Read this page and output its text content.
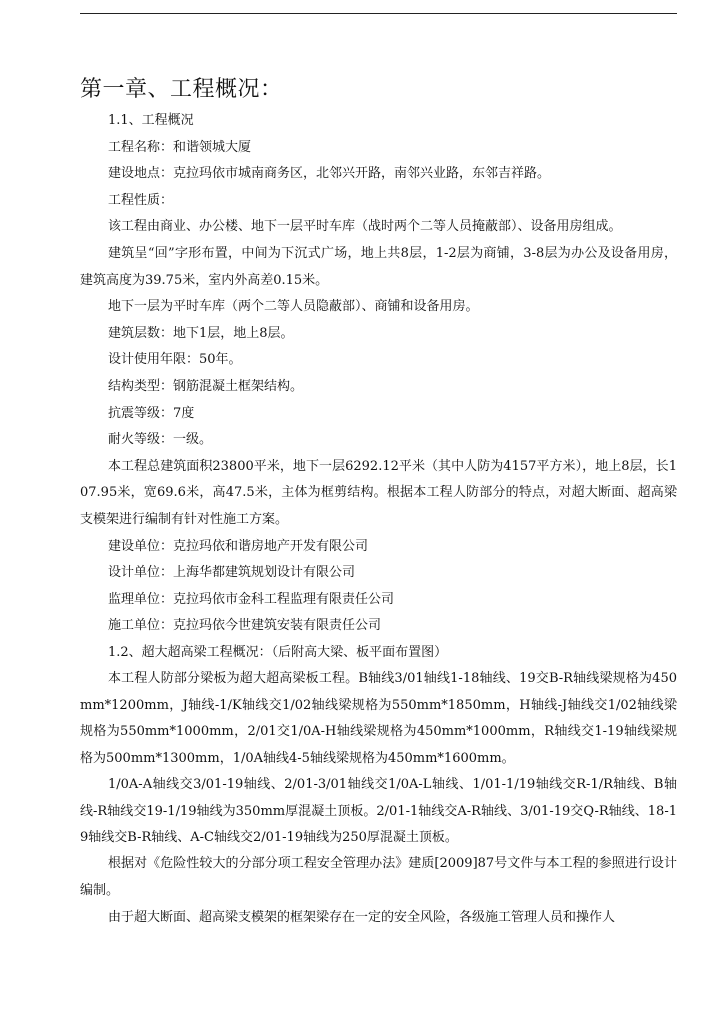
第一章、工程概况：

1.1、工程概况

工程名称：和谐领城大厦

建设地点：克拉玛依市城南商务区，北邻兴开路，南邻兴业路，东邻吉祥路。

工程性质：

该工程由商业、办公楼、地下一层平时车库（战时两个二等人员掩蔽部）、设备用房组成。

建筑呈“回”字形布置，中间为下沉式广场，地上共8层，1-2层为商铺，3-8层为办公及设备用房，建筑高度为39.75米，室内外高差0.15米。

地下一层为平时车库（两个二等人员隐蔽部）、商铺和设备用房。

建筑层数：地下1层，地上8层。

设计使用年限：50年。

结构类型：钢筋混凝土框架结构。

抗震等级：7度

耐火等级：一级。

本工程总建筑面积23800平米，地下一层6292.12平米（其中人防为4157平方米），地上8层，长107.95米，宽69.6米，高47.5米，主体为框剪结构。根据本工程人防部分的特点，对超大断面、超高梁支模架进行编制有针对性施工方案。

建设单位：克拉玛依和谐房地产开发有限公司

设计单位：上海华都建筑规划设计有限公司

监理单位：克拉玛依市金科工程监理有限责任公司

施工单位：克拉玛依今世建筑安装有限责任公司

1.2、超大超高梁工程概况：（后附高大梁、板平面布置图）

本工程人防部分梁板为超大超高梁板工程。B轴线3/01轴线1-18轴线、19交B-R轴线梁规格为450mm*1200mm，J轴线-1/K轴线交1/02轴线梁规格为550mm*1850mm，H轴线-J轴线交1/02轴线梁规格为550mm*1000mm，2/01交1/0A-H轴线梁规格为450mm*1000mm，R轴线交1-19轴线梁规格为500mm*1300mm，1/0A轴线4-5轴线梁规格为450mm*1600mm。

1/0A-A轴线交3/01-19轴线、2/01-3/01轴线交1/0A-L轴线、1/01-1/19轴线交R-1/R轴线、B轴线-R轴线交19-1/19轴线为350mm厚混凝土顶板。2/01-1轴线交A-R轴线、3/01-19交Q-R轴线、18-19轴线交B-R轴线、A-C轴线交2/01-19轴线为250厚混凝土顶板。

根据对《危险性较大的分部分项工程安全管理办法》建质[2009]87号文件与本工程的参照进行设计编制。

由于超大断面、超高梁支模架的框架梁存在一定的安全风险，各级施工管理人员和操作人
